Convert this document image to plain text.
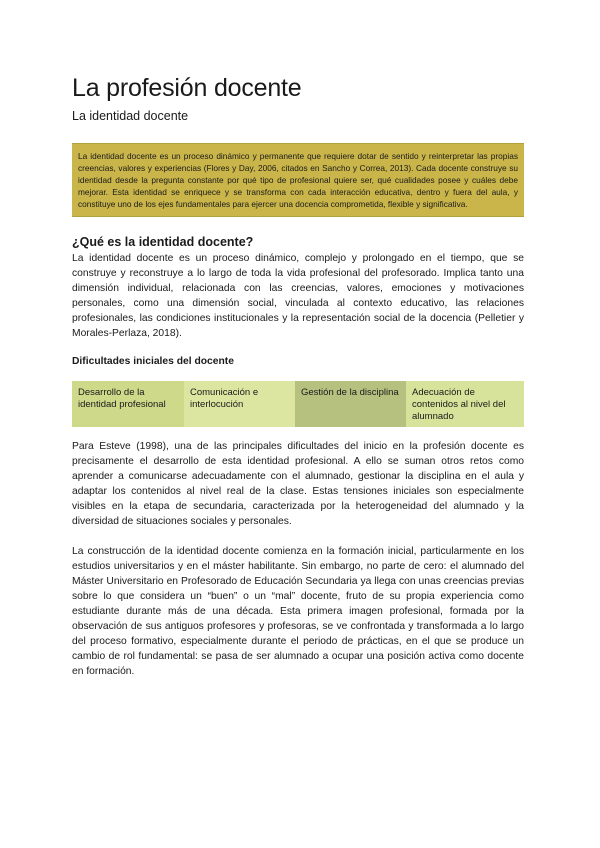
La profesión docente
La identidad docente
La identidad docente es un proceso dinámico y permanente que requiere dotar de sentido y reinterpretar las propias creencias, valores y experiencias (Flores y Day, 2006, citados en Sancho y Correa, 2013). Cada docente construye su identidad desde la pregunta constante por qué tipo de profesional quiere ser, qué cualidades posee y cuáles debe mejorar. Esta identidad se enriquece y se transforma con cada interacción educativa, dentro y fuera del aula, y constituye uno de los ejes fundamentales para ejercer una docencia comprometida, flexible y significativa.
¿Qué es la identidad docente?

La identidad docente es un proceso dinámico, complejo y prolongado en el tiempo, que se construye y reconstruye a lo largo de toda la vida profesional del profesorado. Implica tanto una dimensión individual, relacionada con las creencias, valores, emociones y motivaciones personales, como una dimensión social, vinculada al contexto educativo, las relaciones profesionales, las condiciones institucionales y la representación social de la docencia (Pelletier y Morales-Perlaza, 2018).

Dificultades iniciales del docente
Desarrollo de la identidad profesional
Comunicación e interlocución
Gestión de la disciplina	Adecuación de contenidos al nivel del alumnado

Para Esteve (1998), una de las principales dificultades del inicio en la profesión docente es precisamente el desarrollo de esta identidad profesional. A ello se suman otros retos como aprender a comunicarse adecuadamente con el alumnado, gestionar la disciplina en el aula y adaptar los contenidos al nivel real de la clase. Estas tensiones iniciales son especialmente visibles en la etapa de secundaria, caracterizada por la heterogeneidad del alumnado y la diversidad de situaciones sociales y personales.

La construcción de la identidad docente comienza en la formación inicial, particularmente en los estudios universitarios y en el máster habilitante. Sin embargo, no parte de cero: el alumnado del Máster Universitario en Profesorado de Educación Secundaria ya llega con unas creencias previas sobre lo que considera un “buen” o un “mal” docente, fruto de su propia experiencia como estudiante durante más de una década. Esta primera imagen profesional, formada por la observación de sus antiguos profesores y profesoras, se ve confrontada y transformada a lo largo del proceso formativo, especialmente durante el periodo de prácticas, en el que se produce un cambio de rol fundamental: se pasa de ser alumnado a ocupar una posición activa como docente en formación.
